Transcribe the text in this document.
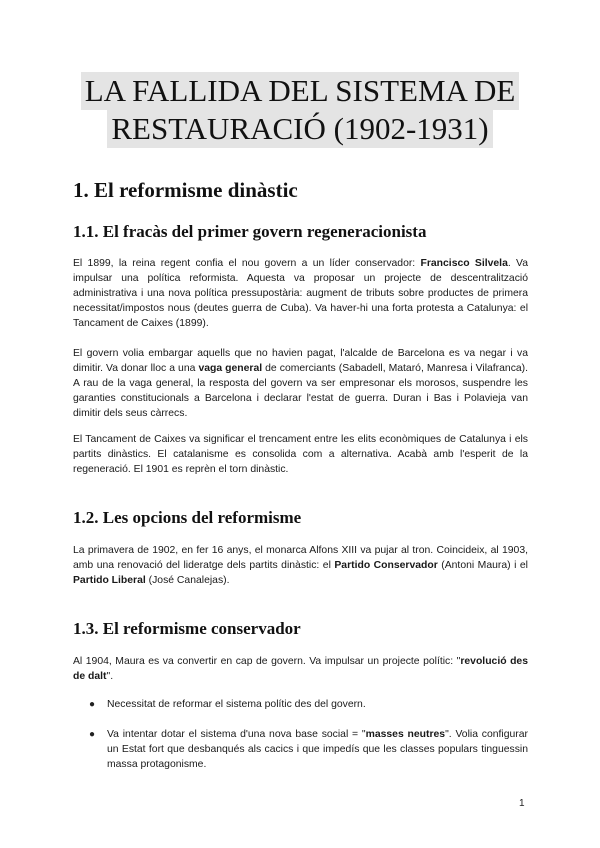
LA FALLIDA DEL SISTEMA DE
RESTAURACIÓ (1902-1931)
1. El reformisme dinàstic
1.1. El fracàs del primer govern regeneracionista

El 1899, la reina regent confia el nou govern a un líder conservador: Francisco Silvela. Va impulsar una política reformista. Aquesta va proposar un projecte de descentralització administrativa i una nova política pressupostària: augment de tributs sobre productes de primera necessitat/impostos nous (deutes guerra de Cuba). Va haver-hi una forta protesta a Catalunya: el Tancament de Caixes (1899).

El govern volia embargar aquells que no havien pagat, l'alcalde de Barcelona es va negar i va dimitir. Va donar lloc a una vaga general de comerciants (Sabadell, Mataró, Manresa i Vilafranca). A rau de la vaga general, la resposta del govern va ser empresonar els morosos, suspendre les garanties constitucionals a Barcelona i declarar l'estat de guerra. Duran i Bas i Polavieja van dimitir dels seus càrrecs.

El Tancament de Caixes va significar el trencament entre les elits econòmiques de Catalunya i els partits dinàstics. El catalanisme es consolida com a alternativa. Acabà amb l'esperit de la regeneració. El 1901 es reprèn el torn dinàstic.

1.2. Les opcions del reformisme

La primavera de 1902, en fer 16 anys, el monarca Alfons XIII va pujar al tron. Coincideix, al 1903, amb una renovació del lideratge dels partits dinàstic: el Partido Conservador (Antoni Maura) i el Partido Liberal (José Canalejas).

1.3. El reformisme conservador

Al 1904, Maura es va convertir en cap de govern. Va impulsar un projecte polític: "revolució des de dalt".

●	Necessitat de reformar el sistema polític des del govern.
●	Va intentar dotar el sistema d'una nova base social = "masses neutres". Volia configurar un Estat fort que desbanqués als cacics i que impedís que les classes populars tinguessin massa protagonisme.
1
